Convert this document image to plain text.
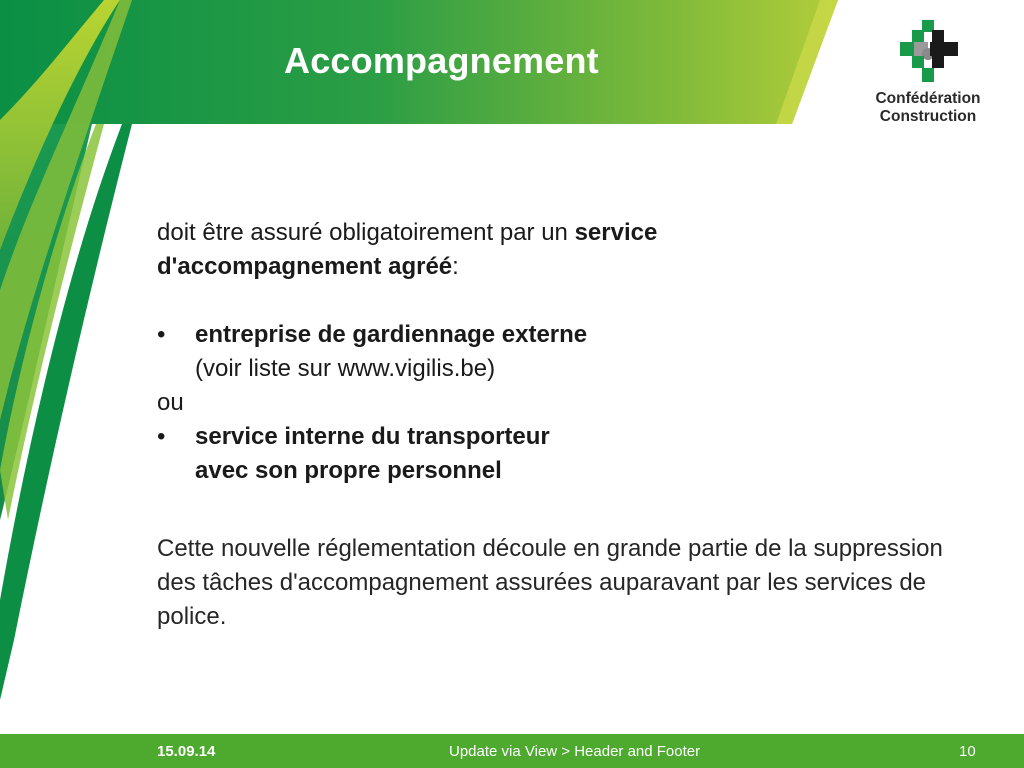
Accompagnement
Confédération
Construction
doit être assuré obligatoirement par un service
d'accompagnement agréé:
• entreprise de gardiennage externe
(voir liste sur www.vigilis.be)
ou
• service interne du transporteur
avec son propre personnel
Cette nouvelle réglementation découle en grande partie de la suppression des tâches d'accompagnement assurées auparavant par les services de police.
15.09.14	Update via View > Header and Footer	10
